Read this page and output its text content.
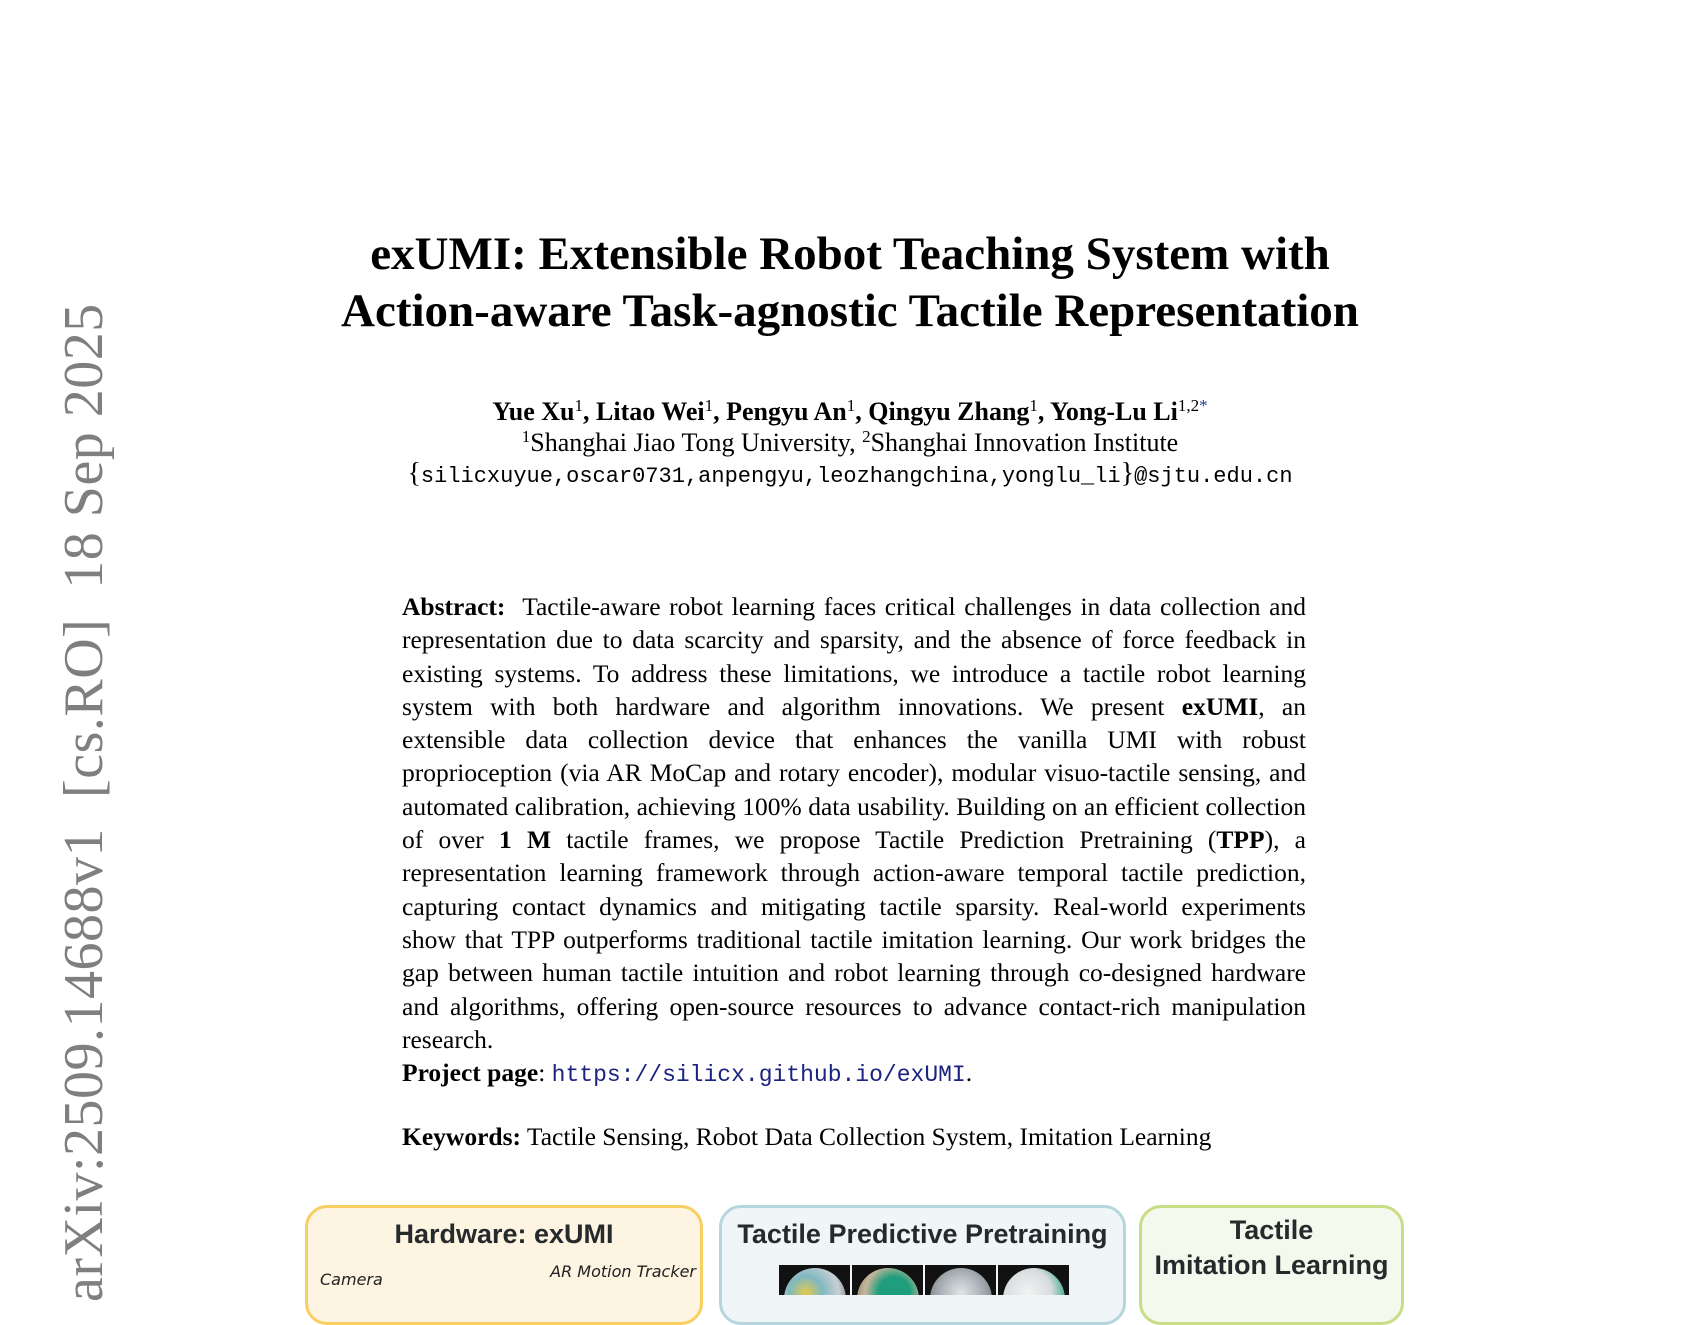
arXiv:2509.14688v1[cs.RO]18 Sep 2025
exUMI: Extensible Robot Teaching System with
Action-aware Task-agnostic Tactile Representation
Yue Xu$^1$, Litao Wei$^1$, Pengyu An$^1$, Qingyu Zhang$^1$, Yong-Lu $Li^{1,2*}$
$^1$Shanghai Jiao Tong University, $^2$Shanghai Innovation Institute
{silicxuyue,oscar0731,anpengyu,leozhangchina,yonglu_li}@sjtu.edu.cn
Abstract: Tactile-aware robot learning faces critical challenges in data collection and representation due to data scarcity and sparsity, and the absence of force feedback in existing systems. To address these limitations, we introduce a tactile robot learning system with both hardware and algorithm innovations. We present exUMI, an extensible data collection device that enhances the vanilla UMI with robust proprioception (via AR MoCap and rotary encoder), modular visuo-tactile sensing, and automated calibration, achieving 100% data usability. Building on an efficient collection of over 1 M tactile frames, we propose Tactile Prediction Pretraining (TPP), a representation learning framework through action-aware temporal tactile prediction, capturing contact dynamics and mitigating tactile sparsity. Real-world experiments show that TPP outperforms traditional tactile imitation learning. Our work bridges the gap between human tactile intuition and robot learning through co-designed hardware and algorithms, offering open-source resources to advance contact-rich manipulation research.
Project page: https://silicx.github.io/exUMI.
Keywords: Tactile Sensing, Robot Data Collection System, Imitation Learning
Hardware: exUMI
Camera	AR Motion Tracker
Tactile Predictive Pretraining	Tactile
Imitation Learning
